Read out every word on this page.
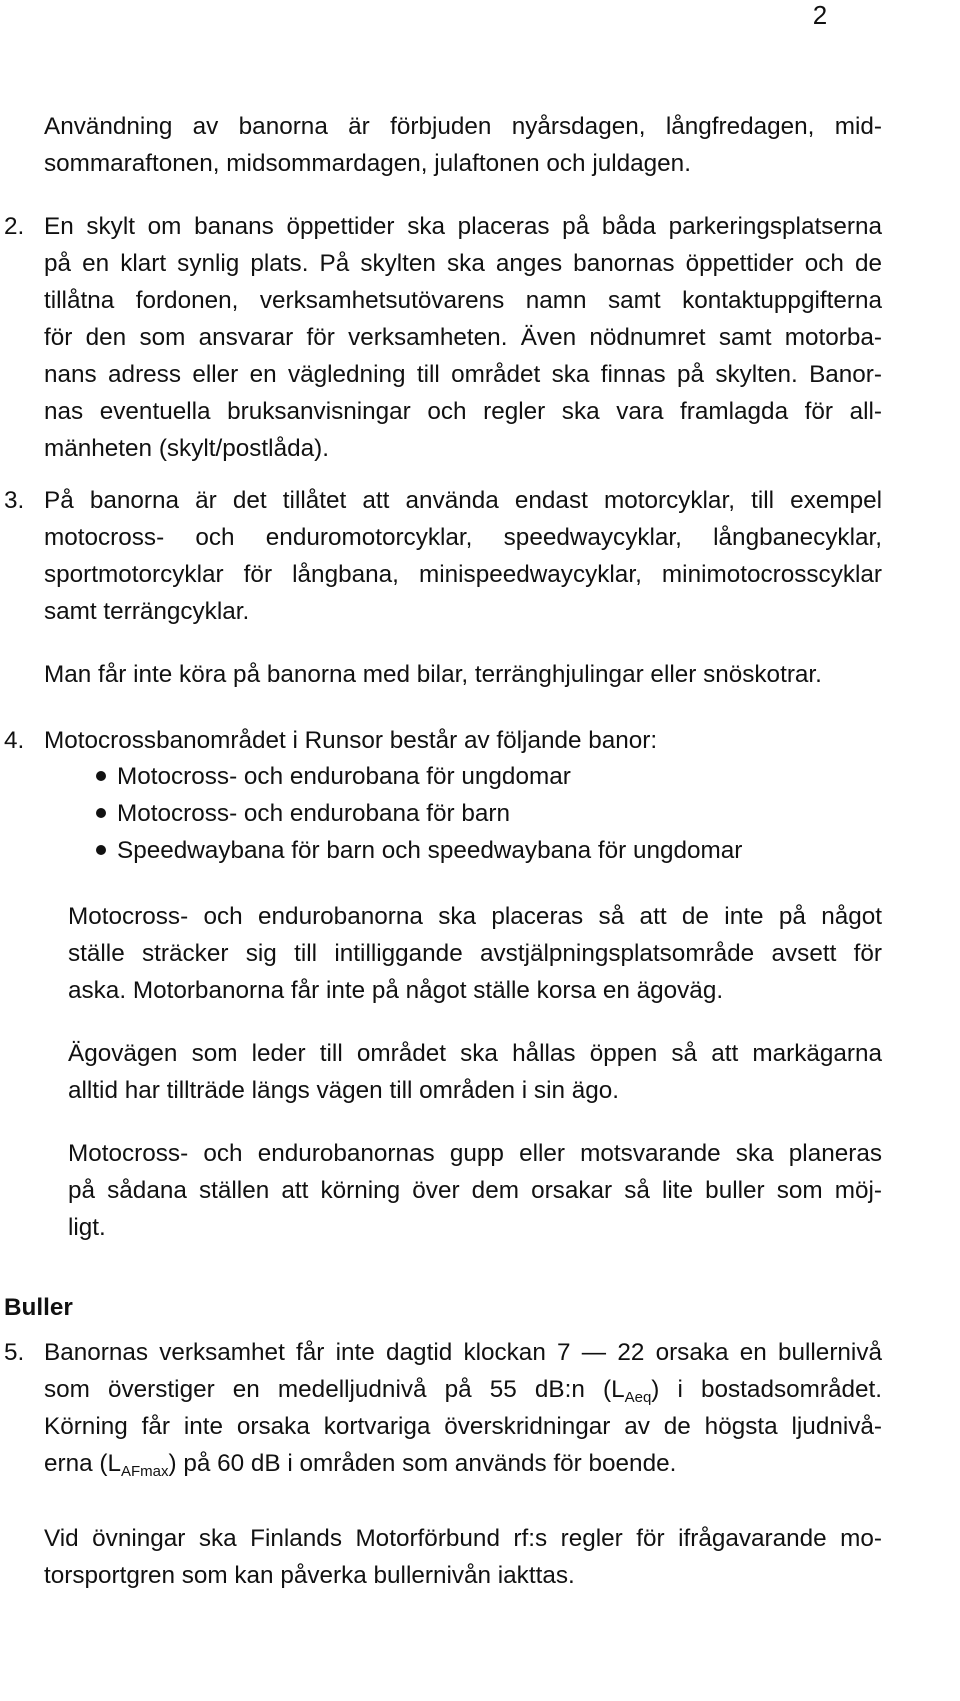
2
Användning av banorna är förbjuden nyårsdagen, långfredagen, mid-
sommaraftonen, midsommardagen, julaftonen och juldagen.
2. En skylt om banans öppettider ska placeras på båda parkeringsplatserna
på en klart synlig plats. På skylten ska anges banornas öppettider och de
tillåtna fordonen, verksamhetsutövarens namn samt kontaktuppgifterna
för den som ansvarar för verksamheten. Även nödnumret samt motorba-
nans adress eller en vägledning till området ska finnas på skylten. Banor-
nas eventuella bruksanvisningar och regler ska vara framlagda för all-
mänheten (skylt/postlåda).
3. På banorna är det tillåtet att använda endast motorcyklar, till exempel
motocross- och enduromotorcyklar, speedwaycyklar, långbanecyklar,
sportmotorcyklar för långbana, minispeedwaycyklar, minimotocrosscyklar
samt terrängcyklar.
Man får inte köra på banorna med bilar, terränghjulingar eller snöskotrar.
4. Motocrossbanområdet i Runsor består av följande banor:
Motocross- och endurobana för ungdomar
Motocross- och endurobana för barn
Speedwaybana för barn och speedwaybana för ungdomar
Motocross- och endurobanorna ska placeras så att de inte på något
ställe sträcker sig till intilliggande avstjälpningsplatsområde avsett för
aska. Motorbanorna får inte på något ställe korsa en ägoväg.
Ägovägen som leder till området ska hållas öppen så att markägarna
alltid har tillträde längs vägen till områden i sin ägo.
Motocross- och endurobanornas gupp eller motsvarande ska planeras
på sådana ställen att körning över dem orsakar så lite buller som möj-
ligt.
Buller
5. Banornas verksamhet får inte dagtid klockan 7 — 22 orsaka en bullernivå
som överstiger en medelljudnivå på 55 dB:n $(L_{Aeq})$ i bostadsområdet.
Körning får inte orsaka kortvariga överskridningar av de högsta ljudnivå-
erna $(L_{AFmax})$ på 60 dB i områden som används för boende.
Vid övningar ska Finlands Motorförbund rf:s regler för ifrågavarande mo-
torsportgren som kan påverka bullernivån iakttas.
